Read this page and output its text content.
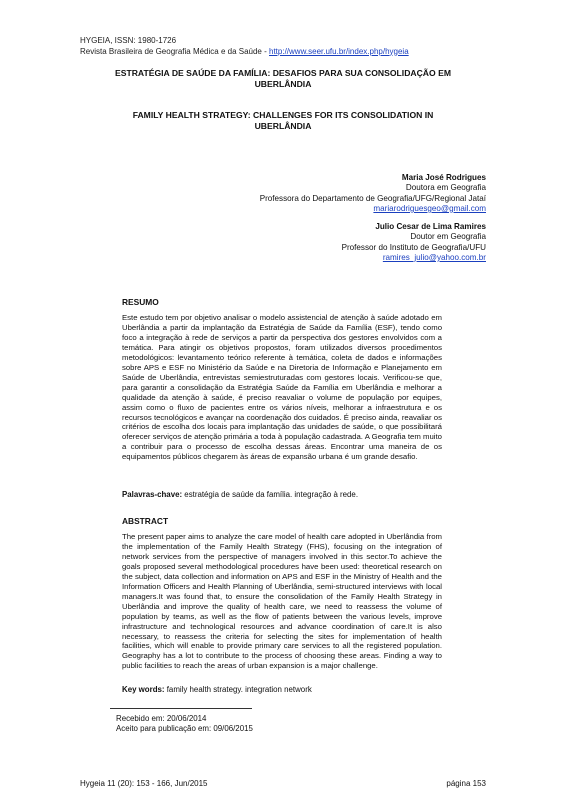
HYGEIA, ISSN: 1980-1726
Revista Brasileira de Geografia Médica e da Saúde - http://www.seer.ufu.br/index.php/hygeia
ESTRATÉGIA DE SAÚDE DA FAMÍLIA: DESAFIOS PARA SUA CONSOLIDAÇÃO EM
UBERLÂNDIA
FAMILY HEALTH STRATEGY: CHALLENGES FOR ITS CONSOLIDATION IN
UBERLÂNDIA
Maria José Rodrigues
Doutora em Geografia
Professora do Departamento de Geografia/UFG/Regional Jataí
mariarodriguesgeo@gmail.com
Julio Cesar de Lima Ramires
Doutor em Geografia
Professor do Instituto de Geografia/UFU
ramires_julio@yahoo.com.br
RESUMO

Este estudo tem por objetivo analisar o modelo assistencial de atenção à saúde adotado em Uberlândia a partir da implantação da Estratégia de Saúde da Família (ESF), tendo como foco a integração à rede de serviços a partir da perspectiva dos gestores envolvidos com a temática. Para atingir os objetivos propostos, foram utilizados diversos procedimentos metodológicos: levantamento teórico referente à temática, coleta de dados e informações sobre APS e ESF no Ministério da Saúde e na Diretoria de Informação e Planejamento em Saúde de Uberlândia, entrevistas semiestruturadas com gestores locais. Verificou-se que, para garantir a consolidação da Estratégia Saúde da Família em Uberlândia e melhorar a qualidade da atenção à saúde, é preciso reavaliar o volume de população por equipes, assim como o fluxo de pacientes entre os vários níveis, melhorar a infraestrutura e os recursos tecnológicos e avançar na coordenação dos cuidados. É preciso ainda, reavaliar os critérios de escolha dos locais para implantação das unidades de saúde, o que possibilitará oferecer serviços de atenção primária a toda à população cadastrada. A Geografia tem muito a contribuir para o processo de escolha dessas áreas. Encontrar uma maneira de os equipamentos públicos chegarem às áreas de expansão urbana é um grande desafio.

Palavras-chave: estratégia de saúde da família. integração à rede.
ABSTRACT

The present paper aims to analyze the care model of health care adopted in Uberlândia from the implementation of the Family Health Strategy (FHS), focusing on the integration of network services from the perspective of managers involved in this sector.To achieve the goals proposed several methodological procedures have been used: theoretical research on the subject, data collection and information on APS and ESF in the Ministry of Health and the Information Officers and Health Planning of Uberlândia, semi-structured interviews with local managers.It was found that, to ensure the consolidation of the Family Health Strategy in Uberlândia and improve the quality of health care, we need to reassess the volume of population by teams, as well as the flow of patients between the various levels, improve infrastructure and technological resources and advance coordination of care.It is also necessary, to reassess the criteria for selecting the sites for implementation of health facilities, which will enable to provide primary care services to all the registered population. Geography has a lot to contribute to the process of choosing these areas. Finding a way to public facilities to reach the areas of urban expansion is a major challenge.

Key words: family health strategy. integration network
Recebido em: 20/06/2014
Aceito para publicação em: 09/06/2015
Hygeia 11 (20): 153 - 166, Jun/2015	página 153
